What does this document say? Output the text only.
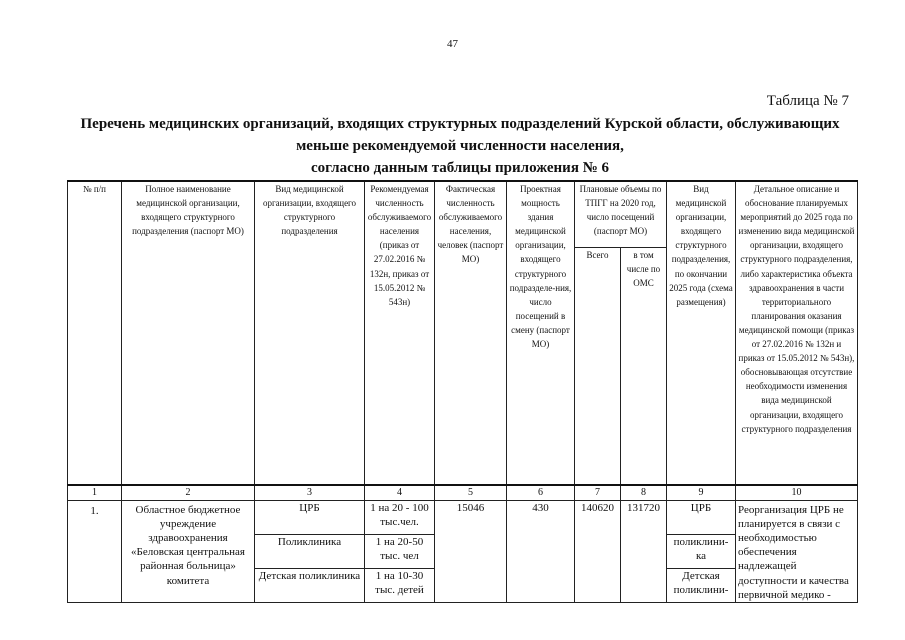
47
Таблица № 7
Перечень медицинских организаций, входящих структурных подразделений Курской области, обслуживающих
меньше рекомендуемой численности населения,
согласно данным таблицы приложения № 6
№ п/п	Полное наименование медицинской организации, входящего структурного подразделения (паспорт МО)	Вид медицинской организации, входящего структурного подразделения	Рекомендуемая численность обслуживаемого населения (приказ от 27.02.2016 № 132н, приказ от 15.05.2012 № 543н)	Фактическая численность обслуживаемого населения, человек (паспорт МО)	Проектная мощность здания медицинской организации, входящего структурного подразделе-ния, число посещений в смену (паспорт МО)	Плановые объемы по ТПГГ на 2020 год, число посещений (паспорт МО)		Вид медицинской организации, входящего структурного подразделения, по окончании 2025 года (схема размещения)	Детальное описание и обоснование планируемых мероприятий до 2025 года по изменению вида медицинской организации, входящего структурного подразделения, либо характеристика объекта здравоохранения в части территориального планирования оказания медицинской помощи (приказ от 27.02.2016 № 132н и приказ от 15.05.2012 № 543н), обосновывающая отсутствие необходимости изменения вида медицинской организации, входящего структурного подразделения
						Всего	в том числе по ОМС		
1	2	3	4	5	6	7	8	9	10
1.	Областное бюджетное учреждение здравоохранения «Беловская центральная районная больница» комитета	ЦРБ	1 на 20 - 100 тыс.чел.	15046	430	140620	131720	ЦРБ	Реорганизация ЦРБ не планируется в связи с необходимостью обеспечения надлежащей доступности и качества первичной медико -
		Поликлиника	1 на 20-50 тыс. чел					поликлини-ка	
		Детская поликлиника	1 на 10-30 тыс. детей					Детская поликлини-	
